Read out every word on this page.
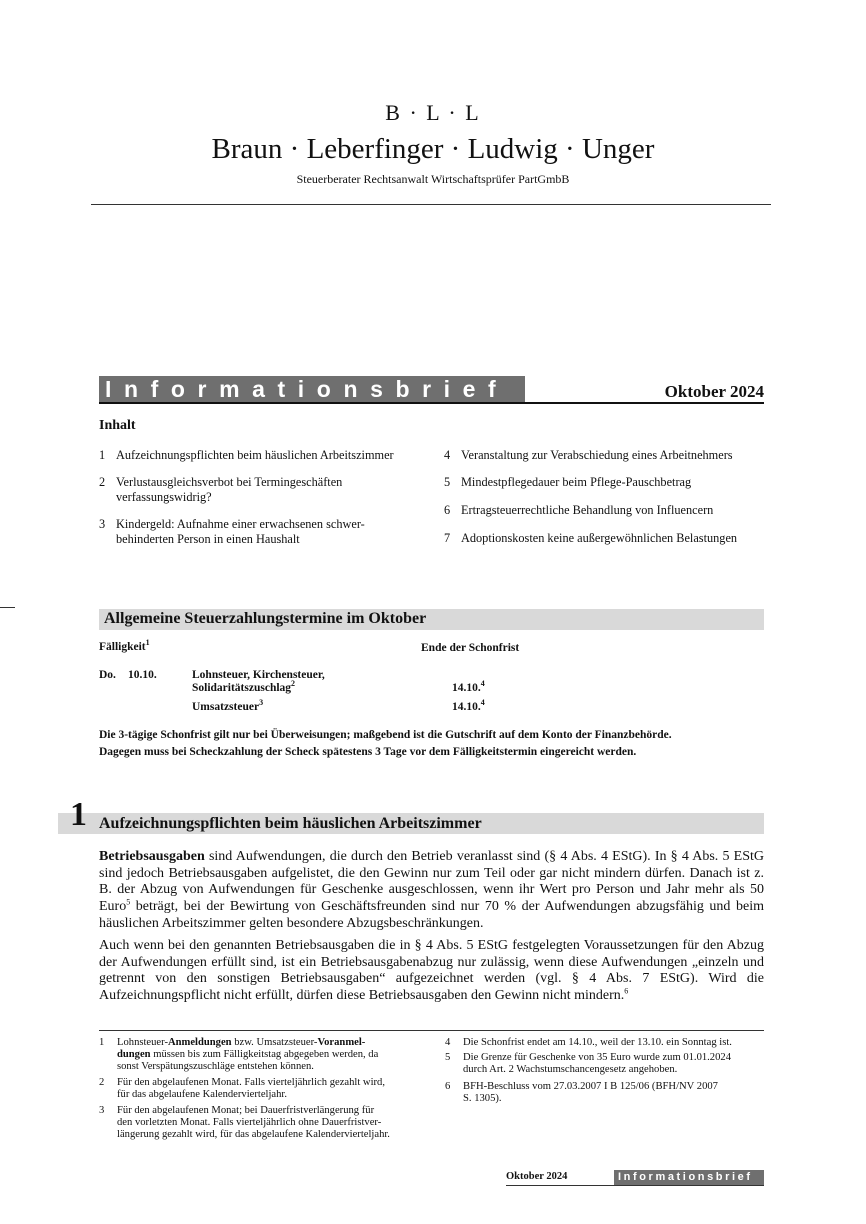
B · L · L
Braun · Leberfinger · Ludwig · Unger
Steuerberater Rechtsanwalt Wirtschaftsprüfer PartGmbB
Informationsbrief	Oktober 2024
Inhalt
1 Aufzeichnungspflichten beim häuslichen Arbeitszimmer
2 Verlustausgleichsverbot bei Termingeschäften
verfassungswidrig?
3 Kindergeld: Aufnahme einer erwachsenen schwer-
behinderten Person in einen Haushalt
4 Veranstaltung zur Verabschiedung eines Arbeitnehmers
5 Mindestpflegedauer beim Pflege-Pauschbetrag
6 Ertragsteuerrechtliche Behandlung von Influencern
7 Adoptionskosten keine außergewöhnlichen Belastungen
Allgemeine Steuerzahlungstermine im Oktober
Fälligkeit$^1$	Ende der Schonfrist
Do. 10.10.	Lohnsteuer, Kirchensteuer,
Solidaritätszuschlag$^2$	14.10.$^4$
Umsatzsteuer$^3$	14.10.$^4$
Die 3-tägige Schonfrist gilt nur bei Überweisungen; maßgebend ist die Gutschrift auf dem Konto der Finanzbehörde.
Dagegen muss bei Scheckzahlung der Scheck spätestens 3 Tage vor dem Fälligkeitstermin eingereicht werden.
1 Aufzeichnungspflichten beim häuslichen Arbeitszimmer
Betriebsausgaben sind Aufwendungen, die durch den Betrieb veranlasst sind (§ 4 Abs. 4 EStG). In § 4 Abs. 5 EStG sind jedoch Betriebsausgaben aufgelistet, die den Gewinn nur zum Teil oder gar nicht mindern dürfen. Danach ist z. B. der Abzug von Aufwendungen für Geschenke ausgeschlossen, wenn ihr Wert pro Person und Jahr mehr als 50 Euro$^5$ beträgt, bei der Bewirtung von Geschäftsfreunden sind nur 70 % der Aufwendungen abzugsfähig und beim häuslichen Arbeitszimmer gelten besondere Abzugsbeschränkungen.
Auch wenn bei den genannten Betriebsausgaben die in § 4 Abs. 5 EStG festgelegten Voraussetzungen für den Abzug der Aufwendungen erfüllt sind, ist ein Betriebsausgabenabzug nur zulässig, wenn diese Aufwendungen „einzeln und getrennt von den sonstigen Betriebsausgaben“ aufgezeichnet werden (vgl. § 4 Abs. 7 EStG). Wird die Aufzeichnungspflicht nicht erfüllt, dürfen diese Betriebsausgaben den Gewinn nicht mindern.$^6$
1 Lohnsteuer-Anmeldungen bzw. Umsatzsteuer-Voranmel-
dungen müssen bis zum Fälligkeitstag abgegeben werden, da
sonst Verspätungszuschläge entstehen können.
2 Für den abgelaufenen Monat. Falls vierteljährlich gezahlt wird,
für das abgelaufene Kalendervierteljahr.
3 Für den abgelaufenen Monat; bei Dauerfristverlängerung für
den vorletzten Monat. Falls vierteljährlich ohne Dauerfristver-
längerung gezahlt wird, für das abgelaufene Kalendervierteljahr.
4 Die Schonfrist endet am 14.10., weil der 13.10. ein Sonntag ist.
5 Die Grenze für Geschenke von 35 Euro wurde zum 01.01.2024
durch Art. 2 Wachstumschancengesetz angehoben.
6 BFH-Beschluss vom 27.03.2007 I B 125/06 (BFH/NV 2007
S. 1305).
Oktober 2024	Informationsbrief
